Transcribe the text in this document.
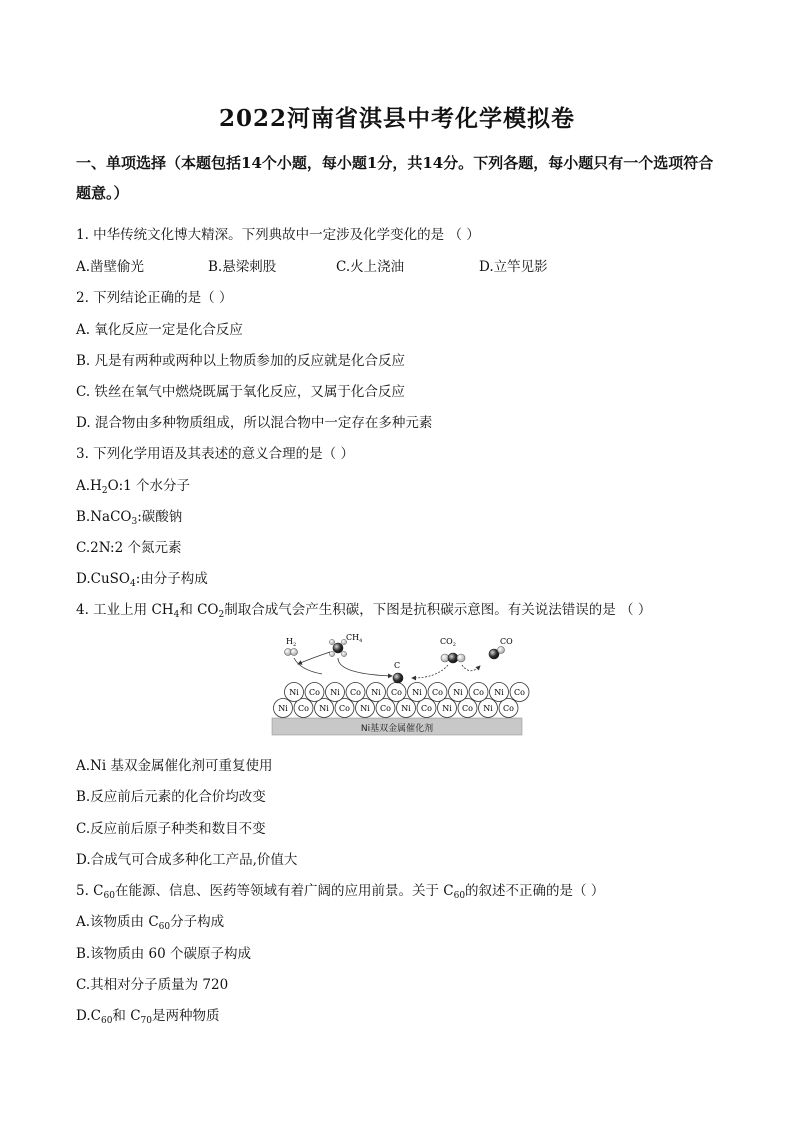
2022河南省淇县中考化学模拟卷
一、单项选择（本题包括14个小题，每小题1分，共14分。下列各题，每小题只有一个选项符合题意。）
1. 中华传统文化博大精深。下列典故中一定涉及化学变化的是 （ ）
A.凿壁偷光	B.悬梁刺股	C.火上浇油	D.立竿见影
2. 下列结论正确的是（ ）
A. 氧化反应一定是化合反应
B. 凡是有两种或两种以上物质参加的反应就是化合反应
C. 铁丝在氧气中燃烧既属于氧化反应，又属于化合反应
D. 混合物由多种物质组成，所以混合物中一定存在多种元素
3. 下列化学用语及其表述的意义合理的是（ ）
$A.H_2O:1$ 个水分子
B.NaCO$_3$:碳酸钠
C.2N:2 个氮元素
D.CuSO$_4$:由分子构成
4. 工业上用 $CH_4$和 $CO_2$制取合成气会产生积碳，下图是抗积碳示意图。有关说法错误的是 （ ）
Ni基双金属催化剂
Ni Co Ni Co Ni Co Ni Co Ni Co Ni Co
Ni Co Ni Co Ni Co Ni Co Ni Co Ni Co
$H_2$
$CH_4$
C
$CO_2$	CO
A.Ni 基双金属催化剂可重复使用
B.反应前后元素的化合价均改变
C.反应前后原子种类和数目不变
D.合成气可合成多种化工产品,价值大
5. $C_{60}$在能源、信息、医药等领域有着广阔的应用前景。关于 $C_{60}$的叙述不正确的是（ ）
A.该物质由 $C_{60}$分子构成
B.该物质由 60 个碳原子构成
C.其相对分子质量为 720
$D.C_{60}$和 $C_{70}$是两种物质
